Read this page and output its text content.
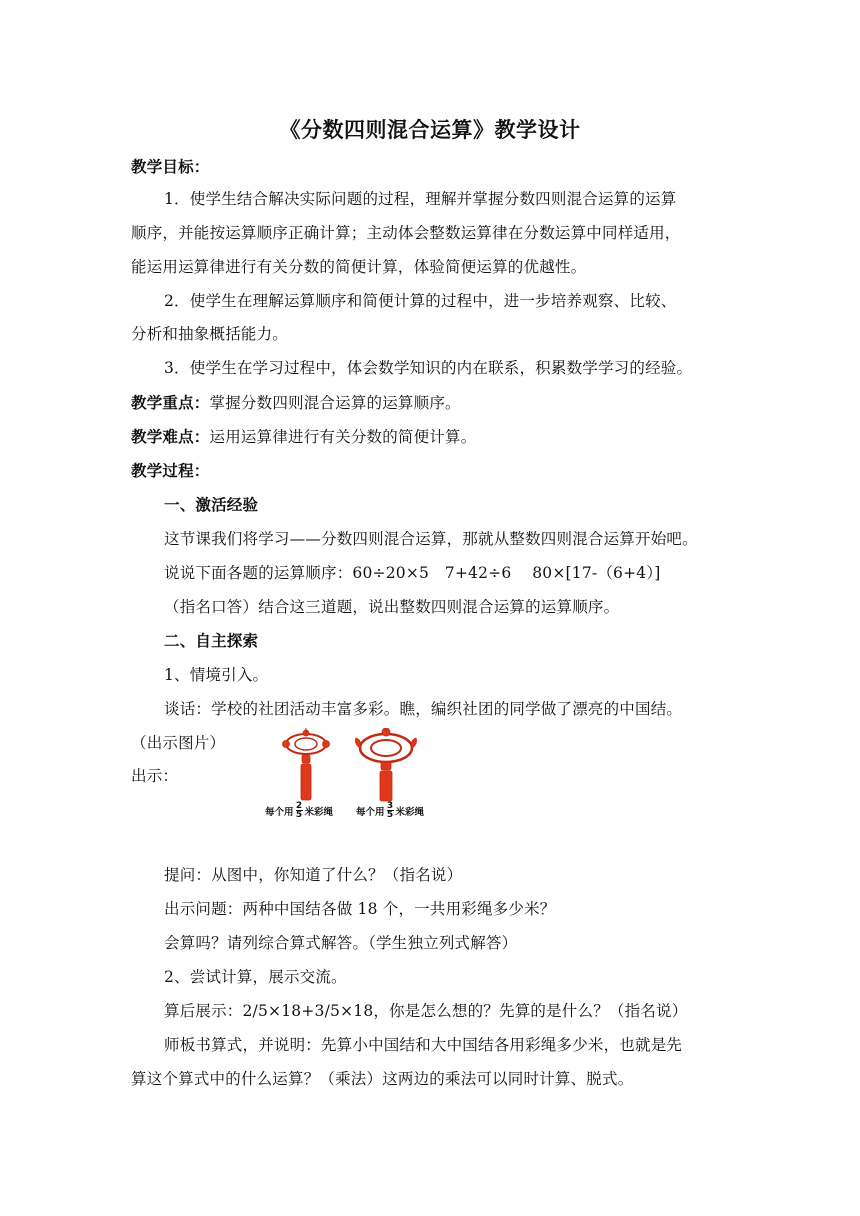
《分数四则混合运算》教学设计
教学目标：
1．使学生结合解决实际问题的过程，理解并掌握分数四则混合运算的运算
顺序，并能按运算顺序正确计算；主动体会整数运算律在分数运算中同样适用，
能运用运算律进行有关分数的简便计算，体验简便运算的优越性。
2．使学生在理解运算顺序和简便计算的过程中，进一步培养观察、比较、
分析和抽象概括能力。
3．使学生在学习过程中，体会数学知识的内在联系，积累数学学习的经验。
教学重点：掌握分数四则混合运算的运算顺序。
教学难点：运用运算律进行有关分数的简便计算。
教学过程：
一、激活经验
这节课我们将学习——分数四则混合运算，那就从整数四则混合运算开始吧。
说说下面各题的运算顺序：60÷20×5　7+42÷6　 80×[17-（6+4）]
（指名口答）结合这三道题，说出整数四则混合运算的运算顺序。
二、自主探索
1、情境引入。
谈话：学校的社团活动丰富多彩。瞧，编织社团的同学做了漂亮的中国结。
（出示图片）
出示：
每个用 $\frac{2}{5}$ 米彩绳 每个用 $\frac{3}{5}$ 米彩绳
提问：从图中，你知道了什么？（指名说）
出示问题：两种中国结各做 18 个，一共用彩绳多少米？
会算吗？请列综合算式解答。（学生独立列式解答）
2、尝试计算，展示交流。
算后展示：2/5×18+3/5×18，你是怎么想的？先算的是什么？（指名说）
师板书算式，并说明：先算小中国结和大中国结各用彩绳多少米，也就是先
算这个算式中的什么运算？（乘法）这两边的乘法可以同时计算、脱式。
